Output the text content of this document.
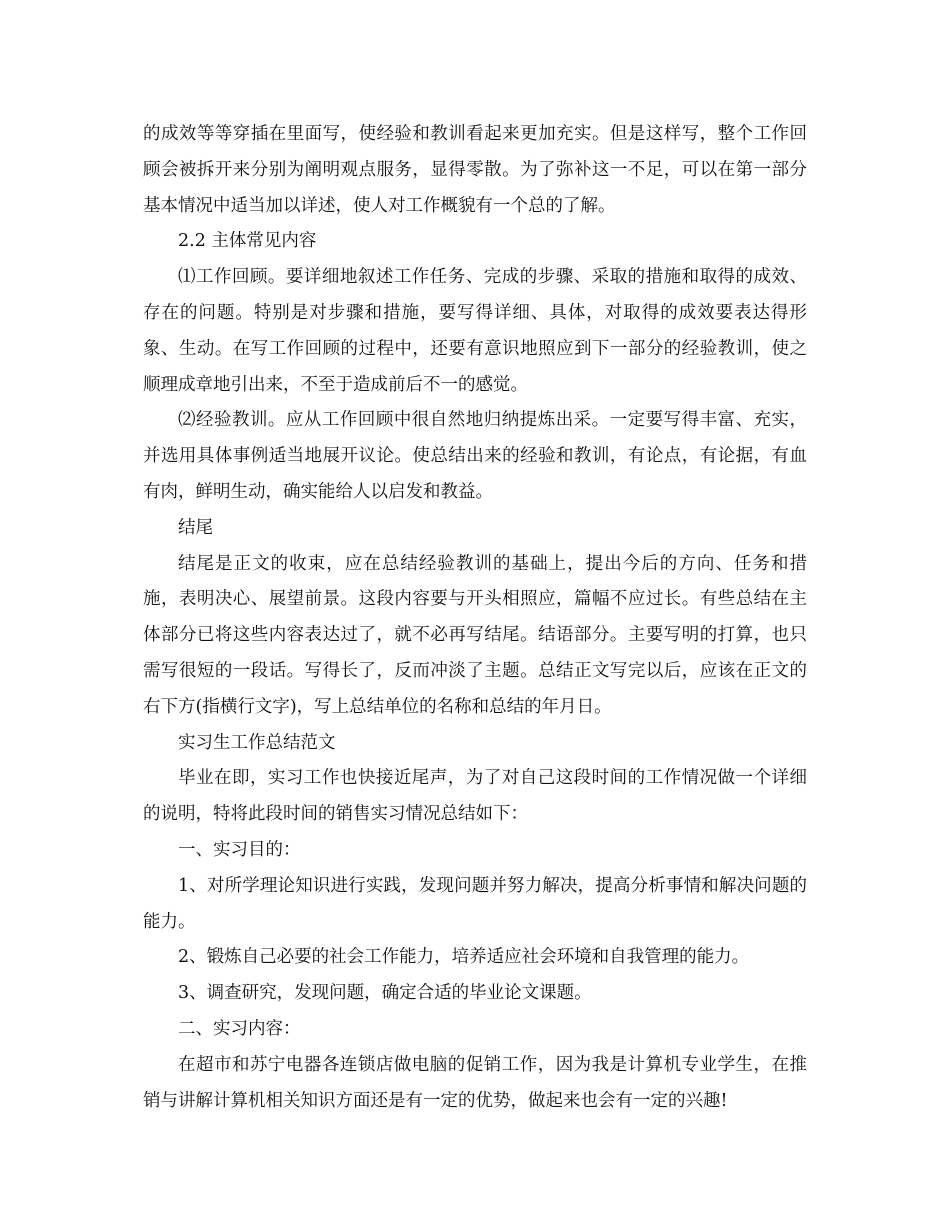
的成效等等穿插在里面写，使经验和教训看起来更加充实。但是这样写，整个工作回顾会被拆开来分别为阐明观点服务，显得零散。为了弥补这一不足，可以在第一部分基本情况中适当加以详述，使人对工作概貌有一个总的了解。

2.2 主体常见内容

⑴工作回顾。要详细地叙述工作任务、完成的步骤、采取的措施和取得的成效、存在的问题。特别是对步骤和措施，要写得详细、具体，对取得的成效要表达得形象、生动。在写工作回顾的过程中，还要有意识地照应到下一部分的经验教训，使之顺理成章地引出来，不至于造成前后不一的感觉。

⑵经验教训。应从工作回顾中很自然地归纳提炼出采。一定要写得丰富、充实，并选用具体事例适当地展开议论。使总结出来的经验和教训，有论点，有论据，有血有肉，鲜明生动，确实能给人以启发和教益。

结尾

结尾是正文的收束，应在总结经验教训的基础上，提出今后的方向、任务和措施，表明决心、展望前景。这段内容要与开头相照应，篇幅不应过长。有些总结在主体部分已将这些内容表达过了，就不必再写结尾。结语部分。主要写明的打算，也只需写很短的一段话。写得长了，反而冲淡了主题。总结正文写完以后，应该在正文的右下方(指横行文字)，写上总结单位的名称和总结的年月日。

实习生工作总结范文

毕业在即，实习工作也快接近尾声，为了对自己这段时间的工作情况做一个详细的说明，特将此段时间的销售实习情况总结如下：

一、实习目的：

1、对所学理论知识进行实践，发现问题并努力解决，提高分析事情和解决问题的能力。

2、锻炼自己必要的社会工作能力，培养适应社会环境和自我管理的能力。

3、调查研究，发现问题，确定合适的毕业论文课题。

二、实习内容：

在超市和苏宁电器各连锁店做电脑的促销工作，因为我是计算机专业学生，在推销与讲解计算机相关知识方面还是有一定的优势，做起来也会有一定的兴趣!
